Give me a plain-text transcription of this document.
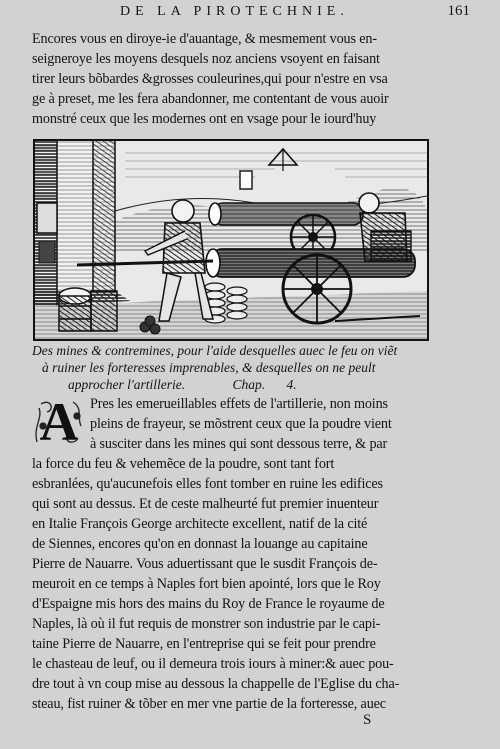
DE LA PIROTECHNIE.	161
Encores vous en diroye-ie d'auantage, & mesmement vous en-
seigneroye les moyens desquels noz anciens vsoyent en faisant
tirer leurs bõbardes &grosses couleurines,qui pour n'estre en vsa
ge à preset, me les fera abandonner, me contentant de vous auoir
monstré ceux que les modernes ont en vsage pour le iourd'huy
Des mines & contremines, pour l'aide desquelles auec le feu on viẽt
à ruiner les forteresses imprenables, & desquelles on ne peult
approcher l'artillerie.	Chap. 4.
A Pres les emerueillables effets de l'artillerie, non moins
pleins de frayeur, se mõstrent ceux que la poudre vient
à susciter dans les mines qui sont dessous terre, & par
la force du feu & vehemẽce de la poudre, sont tant fort
esbranlées, qu'aucunefois elles font tomber en ruine les edifices
qui sont au dessus. Et de ceste malheurté fut premier inuenteur
en Italie François George architecte excellent, natif de la cité
de Siennes, encores qu'on en donnast la louange au capitaine
Pierre de Nauarre. Vous aduertissant que le susdit François de-
meuroit en ce temps à Naples fort bien apointé, lors que le Roy
d'Espaigne mis hors des mains du Roy de France le royaume de
Naples, là où il fut requis de monstrer son industrie par le capi-
taine Pierre de Nauarre, en l'entreprise qui se feit pour prendre
le chasteau de leuf, ou il demeura trois iours à miner:& auec pou-
dre tout à vn coup mise au dessous la chappelle de l'Eglise du cha-
steau, fist ruiner & tõber en mer vne partie de la forteresse, auec
S
